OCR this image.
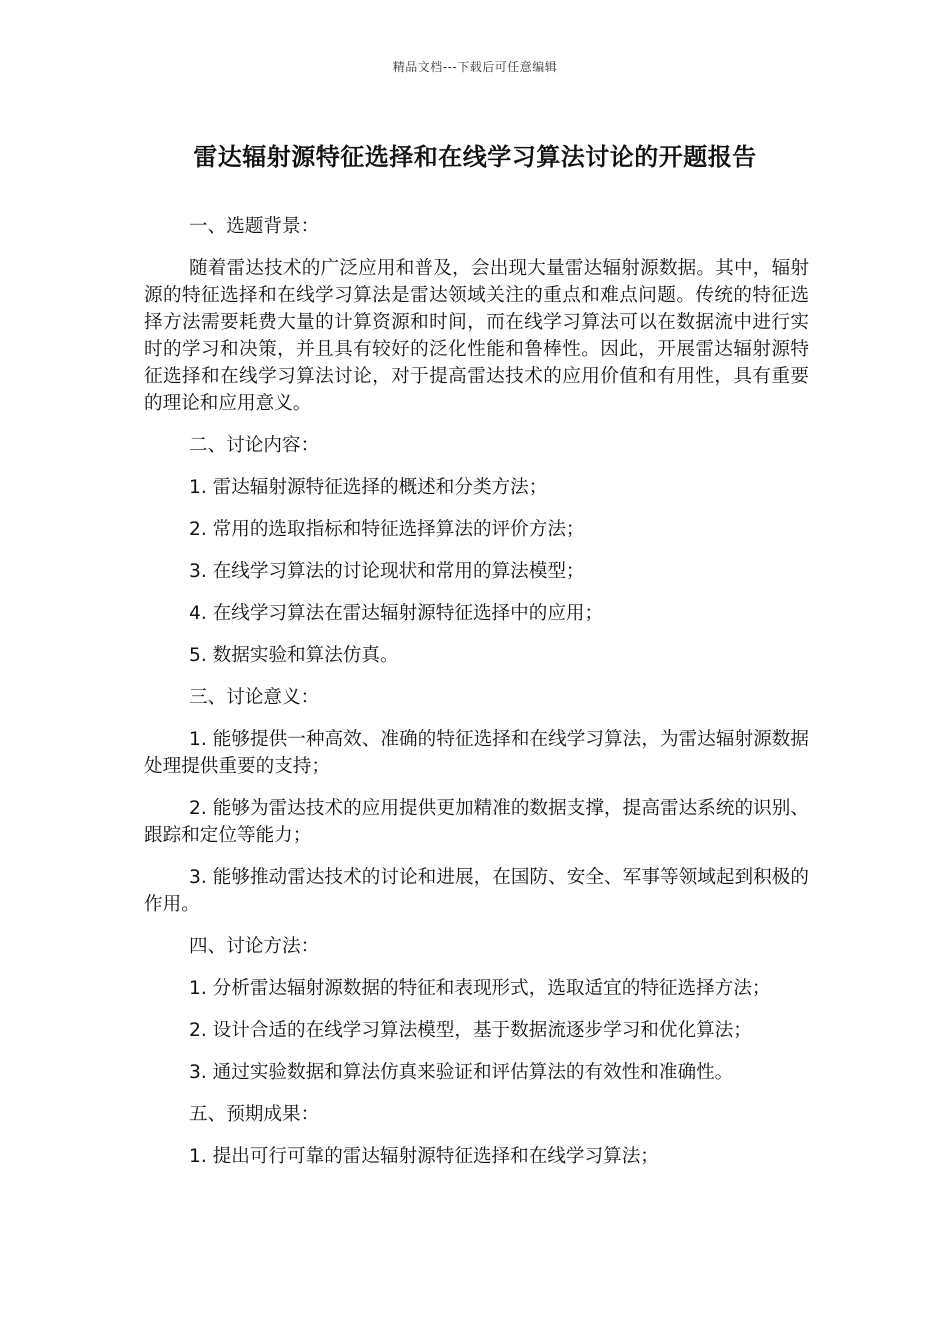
精品文档---下载后可任意编辑
雷达辐射源特征选择和在线学习算法讨论的开题报告

一、选题背景：

随着雷达技术的广泛应用和普及，会出现大量雷达辐射源数据。其中，辐射源的特征选择和在线学习算法是雷达领域关注的重点和难点问题。传统的特征选择方法需要耗费大量的计算资源和时间，而在线学习算法可以在数据流中进行实时的学习和决策，并且具有较好的泛化性能和鲁棒性。因此，开展雷达辐射源特征选择和在线学习算法讨论，对于提高雷达技术的应用价值和有用性，具有重要的理论和应用意义。

二、讨论内容：

1. 雷达辐射源特征选择的概述和分类方法；

2. 常用的选取指标和特征选择算法的评价方法；

3. 在线学习算法的讨论现状和常用的算法模型；

4. 在线学习算法在雷达辐射源特征选择中的应用；

5. 数据实验和算法仿真。

三、讨论意义：

1. 能够提供一种高效、准确的特征选择和在线学习算法，为雷达辐射源数据处理提供重要的支持；

2. 能够为雷达技术的应用提供更加精准的数据支撑，提高雷达系统的识别、跟踪和定位等能力；

3. 能够推动雷达技术的讨论和进展，在国防、安全、军事等领域起到积极的作用。

四、讨论方法：

1. 分析雷达辐射源数据的特征和表现形式，选取适宜的特征选择方法；

2. 设计合适的在线学习算法模型，基于数据流逐步学习和优化算法；

3. 通过实验数据和算法仿真来验证和评估算法的有效性和准确性。

五、预期成果：

1. 提出可行可靠的雷达辐射源特征选择和在线学习算法；
